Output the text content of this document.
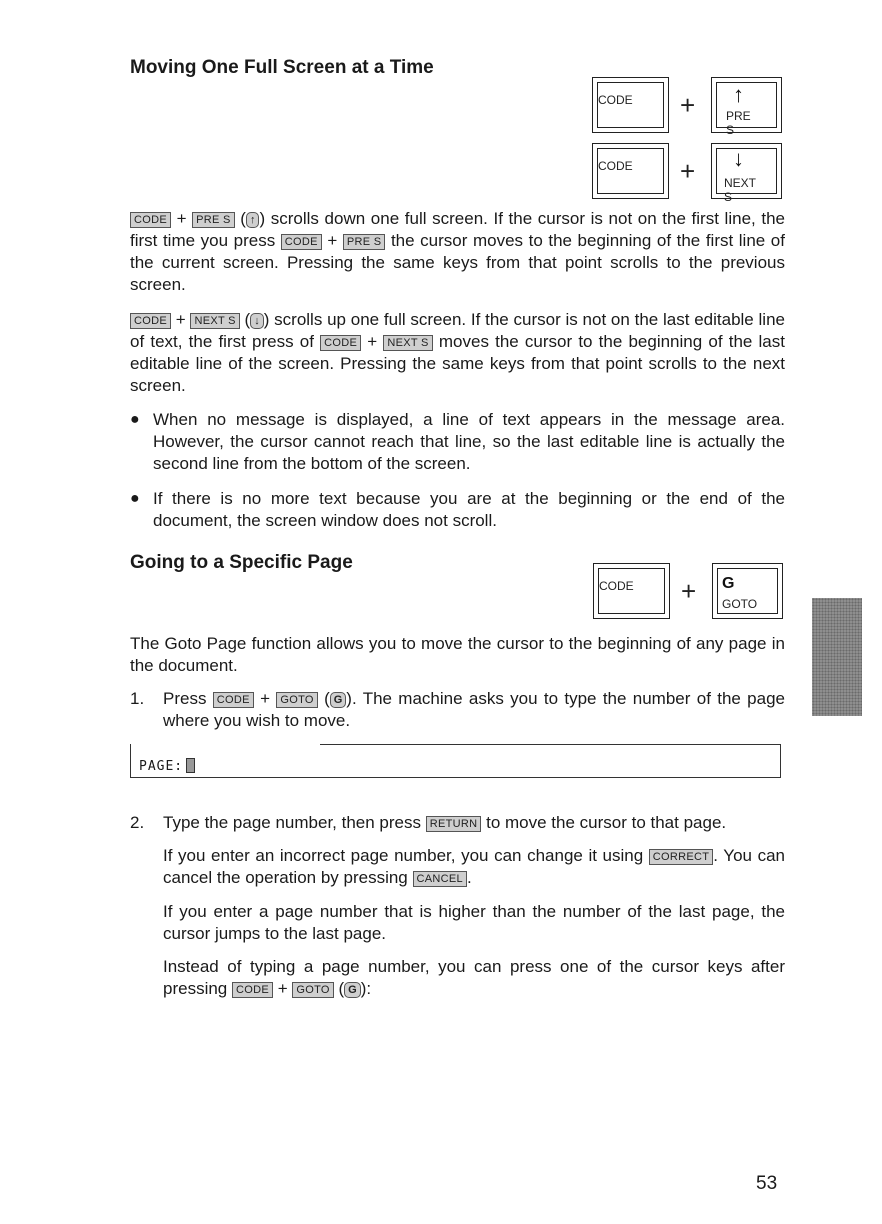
Moving One Full Screen at a Time
CODE + ↑
PRE S
CODE + ↓
NEXT S
CODE + PRE S ( ↑ ) scrolls down one full screen. If the cursor is not on the first line, the first time you press CODE + PRE S the cursor moves to the beginning of the first line of the current screen. Pressing the same keys from that point scrolls to the previous screen.
CODE + NEXT S ( ↓ ) scrolls up one full screen. If the cursor is not on the last editable line of text, the first press of CODE + NEXT S moves the cursor to the beginning of the last editable line of the screen. Pressing the same keys from that point scrolls to the next screen.
● When no message is displayed, a line of text appears in the message area. However, the cursor cannot reach that line, so the last editable line is actually the second line from the bottom of the screen.
● If there is no more text because you are at the beginning or the end of the document, the screen window does not scroll.
Going to a Specific Page
CODE + G
GOTO
The Goto Page function allows you to move the cursor to the beginning of any page in the document.
1. Press CODE + GOTO ( G ). The machine asks you to type the number of the page where you wish to move.
PAGE:
2. Type the page number, then press RETURN to move the cursor to that page.
If you enter an incorrect page number, you can change it using CORRECT . You can cancel the operation by pressing CANCEL .
If you enter a page number that is higher than the number of the last page, the cursor jumps to the last page.
Instead of typing a page number, you can press one of the cursor keys after pressing CODE + GOTO ( G ):
WORD PROCESSING
53
